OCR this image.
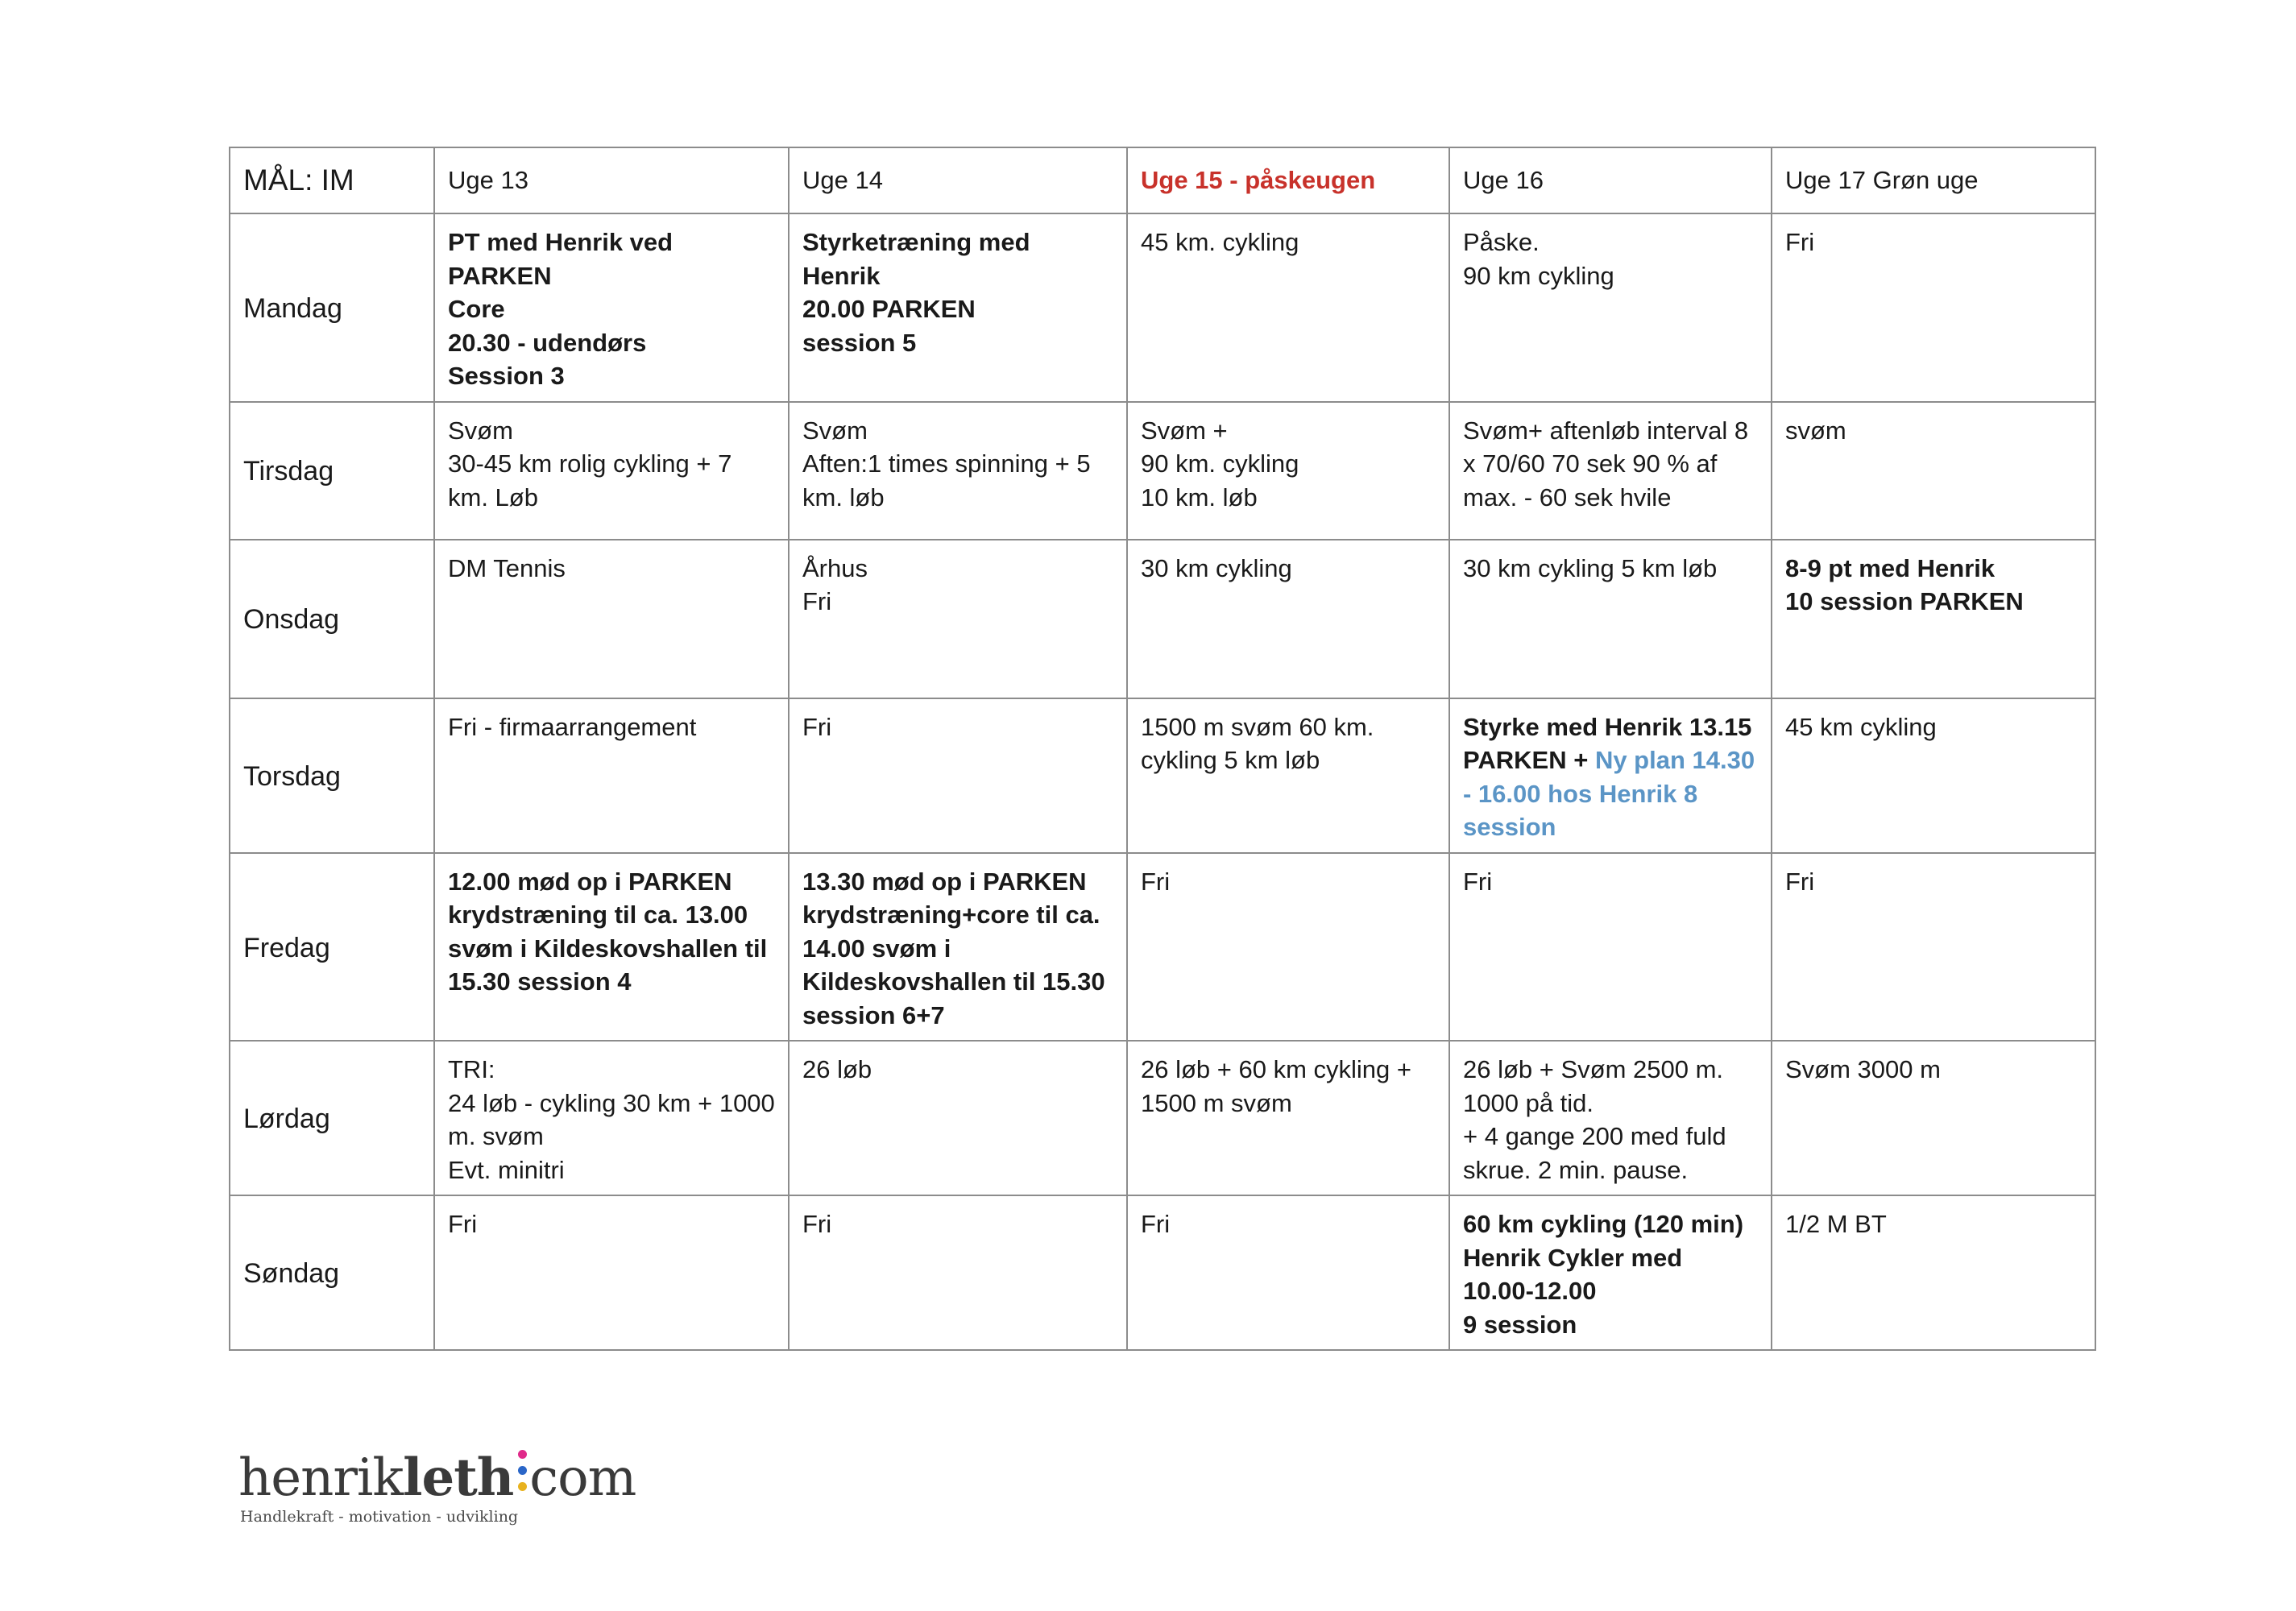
MÅL: IM	Uge 13	Uge 14	Uge 15 - påskeugen	Uge 16	Uge 17 Grøn uge
Mandag	PT med Henrik ved PARKEN
Core
20.30 - udendørs
Session 3	Styrketræning med Henrik
20.00 PARKEN
session 5	45 km. cykling	Påske.
90 km cykling	Fri

Tirsdag	Svøm
30-45 km rolig cykling + 7 km. Løb	Svøm
Aften:1 times spinning + 5 km. løb	Svøm +
90 km. cykling
10 km. løb	Svøm+ aftenløb interval 8 x 70/60 70 sek 90 % af max. - 60 sek hvile	svøm

Onsdag	DM Tennis	Århus
Fri	30 km cykling	30 km cykling 5 km løb	8-9 pt med Henrik
10 session PARKEN

Torsdag	Fri - firmaarrangement	Fri	1500 m svøm 60 km. cykling 5 km løb	Styrke med Henrik 13.15 PARKEN + Ny plan 14.30 - 16.00 hos Henrik 8 session	45 km cykling

Fredag	12.00 mød op i PARKEN krydstræning til ca. 13.00 svøm i Kildeskovshallen til 15.30 session 4	13.30 mød op i PARKEN krydstræning+core til ca. 14.00 svøm i Kildeskovshallen til 15.30 session 6+7	Fri	Fri	Fri

Lørdag	TRI:
24 løb - cykling 30 km + 1000 m. svøm
Evt. minitri	26 løb	26 løb + 60 km cykling + 1500 m svøm	26 løb + Svøm 2500 m.
1000 på tid.
+ 4 gange 200 med fuld skrue. 2 min. pause.	Svøm 3000 m

Søndag	Fri	Fri	Fri	60 km cykling (120 min)
Henrik Cykler med
10.00-12.00
9 session	1/2 M BT
henrikleth com
Handlekraft - motivation - udvikling
